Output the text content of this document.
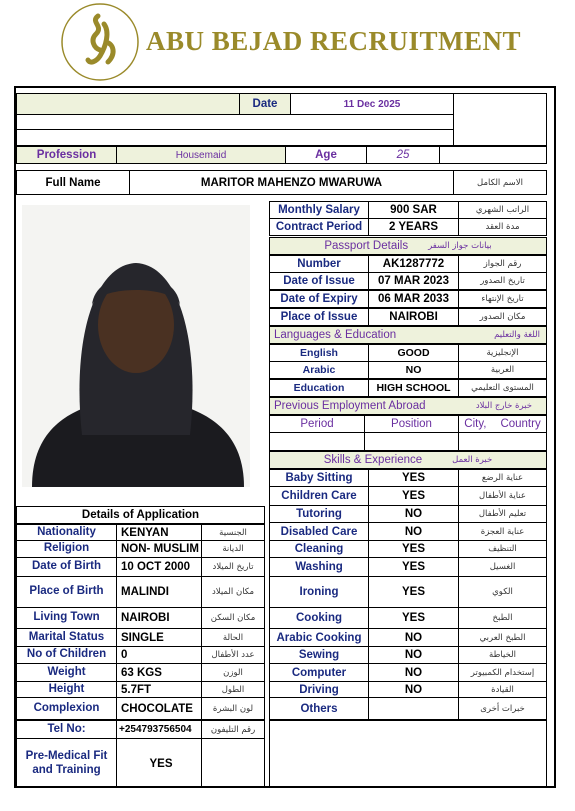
ABU BEJAD RECRUITMENT
Date	11 Dec 2025
Profession	Housemaid	Age	25
Full Name	MARITOR MAHENZO MWARUWA	الاسم الكامل
Monthly Salary	900 SAR	الراتب الشهري
Contract Period	2 YEARS	مدة العقد
Passport Details بيانات جواز السفر
Number	AK1287772	رقم الجواز
Date of Issue	07 MAR 2023	تاريخ الصدور
Date of Expiry	06 MAR 2033	تاريخ الإنتهاء
Place of Issue	NAIROBI	مكان الصدور
Languages & Education	اللغة والتعليم
English	GOOD	الإنجليزية
Arabic	NO	العربية
Education	HIGH SCHOOL	المستوى التعليمي
Previous Employment Abroad	خبرة خارج البلاد
Period	Position	City, Country
Skills & Experience	خبرة العمل
Baby Sitting	YES	عناية الرضع
Children Care	YES	عناية الأطفال
Tutoring	NO	تعليم الأطفال
Disabled Care	NO	عناية العجزة
Cleaning	YES	التنظيف
Washing	YES	الغسيل
Ironing	YES	الكوي
Cooking	YES	الطبخ
Arabic Cooking	NO	الطبخ العربي
Sewing	NO	الخياطة
Computer	NO	إستخدام الكمبيوتر
Driving	NO	القيادة
Others	خبرات أخرى
Details of Application
Nationality	KENYAN	الجنسية
Religion	NON- MUSLIM	الديانة
Date of Birth	10 OCT 2000	تاريخ الميلاد
Place of Birth	MALINDI	مكان الميلاد
Living Town	NAIROBI	مكان السكن
Marital Status	SINGLE	الحالة
No of Children	0	عدد الأطفال
Weight	63 KGS	الوزن
Height	5.7FT	الطول
Complexion	CHOCOLATE	لون البشرة
Tel No:	+254793756504	رقم التليفون
Pre-Medical Fit and Training	YES
